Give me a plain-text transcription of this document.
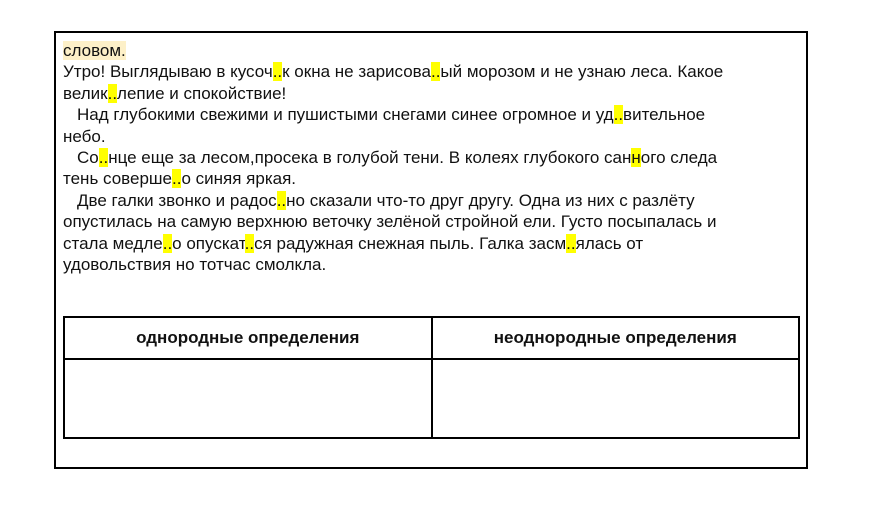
словом.
Утро! Выглядываю в кусоч..к окна не зарисова..ый морозом и не узнаю леса. Какое
велик..лепие и спокойствие!
Над глубокими свежими и пушистыми снегами синее огромное и уд..вительное
небо.
Со..нце еще за лесом,просека в голубой тени. В колеях глубокого санного следа
тень соверше..о синяя яркая.
Две галки звонко и радос..но сказали что-то друг другу. Одна из них с разлёту
опустилась на самую верхнюю веточку зелёной стройной ели. Густо посыпалась и
стала медле..о опускат..ся радужная снежная пыль. Галка засм..ялась от
удовольствия но тотчас смолкла.
однородные определения	неоднородные определения
